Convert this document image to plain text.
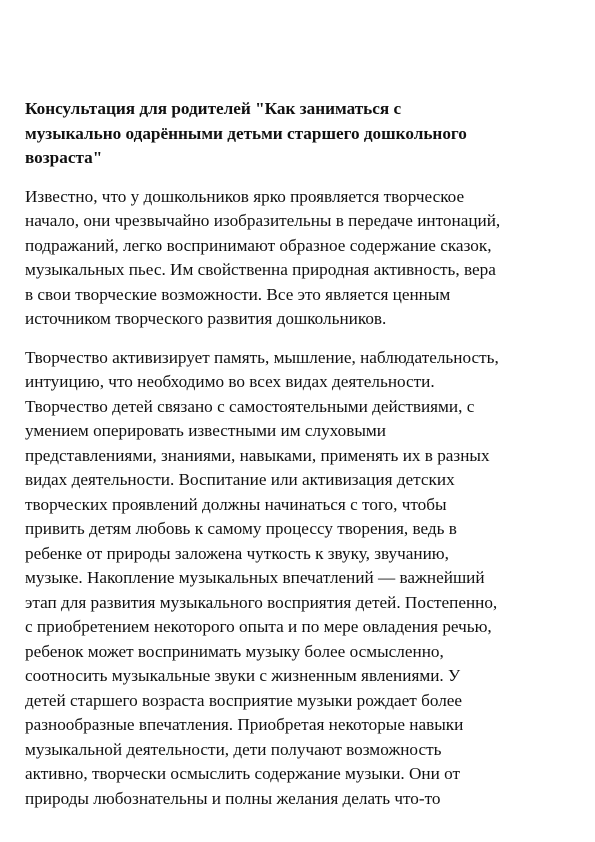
Консультация для родителей "Как заниматься с
музыкально одарёнными детьми старшего дошкольного
возраста"

Известно, что у дошкольников ярко проявляется творческое
начало, они чрезвычайно изобразительны в передаче интонаций,
подражаний, легко воспринимают образное содержание сказок,
музыкальных пьес. Им свойственна природная активность, вера
в свои творческие возможности. Все это является ценным
источником творческого развития дошкольников.

Творчество активизирует память, мышление, наблюдательность,
интуицию, что необходимо во всех видах деятельности.
Творчество детей связано с самостоятельными действиями, с
умением оперировать известными им слуховыми
представлениями, знаниями, навыками, применять их в разных
видах деятельности. Воспитание или активизация детских
творческих проявлений должны начинаться с того, чтобы
привить детям любовь к самому процессу творения, ведь в
ребенке от природы заложена чуткость к звуку, звучанию,
музыке. Накопление музыкальных впечатлений — важнейший
этап для развития музыкального восприятия детей. Постепенно,
с приобретением некоторого опыта и по мере овладения речью,
ребенок может воспринимать музыку более осмысленно,
соотносить музыкальные звуки с жизненным явлениями. У
детей старшего возраста восприятие музыки рождает более
разнообразные впечатления. Приобретая некоторые навыки
музыкальной деятельности, дети получают возможность
активно, творчески осмыслить содержание музыки. Они от
природы любознательны и полны желания делать что-то
